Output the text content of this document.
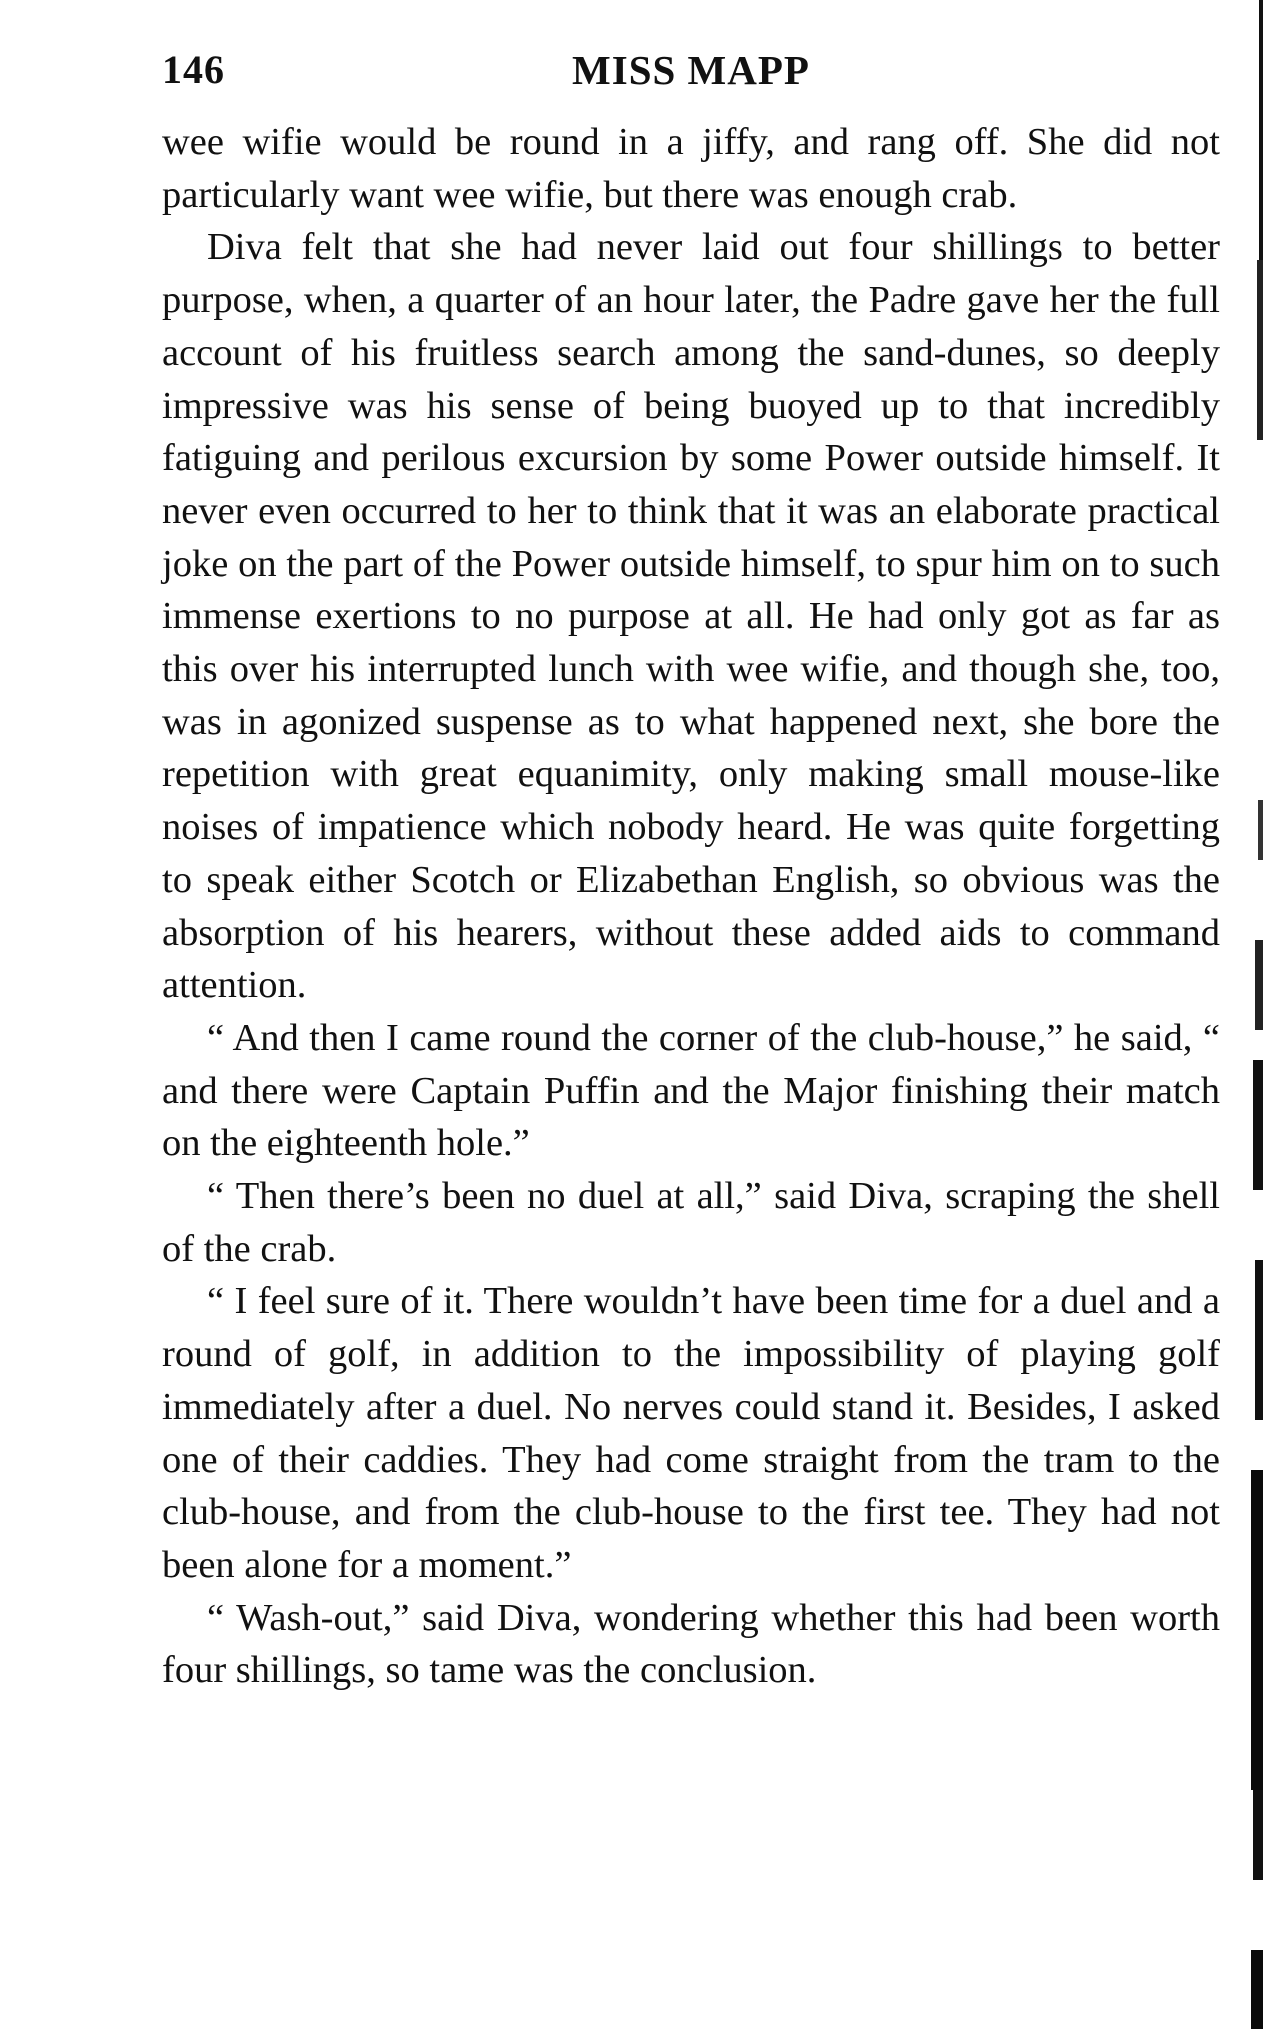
146	MISS MAPP

wee wifie would be round in a jiffy, and rang off. She did not particularly want wee wifie, but there was enough crab.

Diva felt that she had never laid out four shillings to better purpose, when, a quarter of an hour later, the Padre gave her the full account of his fruitless search among the sand-dunes, so deeply impressive was his sense of being buoyed up to that incredibly fatiguing and perilous excursion by some Power outside himself. It never even occurred to her to think that it was an elaborate practical joke on the part of the Power outside himself, to spur him on to such immense exertions to no purpose at all. He had only got as far as this over his interrupted lunch with wee wifie, and though she, too, was in agonized suspense as to what happened next, she bore the repetition with great equanimity, only making small mouse-like noises of impatience which nobody heard. He was quite forgetting to speak either Scotch or Elizabethan English, so obvious was the absorption of his hearers, without these added aids to command attention.

“ And then I came round the corner of the club-house,” he said, “ and there were Captain Puffin and the Major finishing their match on the eighteenth hole.”

“ Then there’s been no duel at all,” said Diva, scraping the shell of the crab.

“ I feel sure of it. There wouldn’t have been time for a duel and a round of golf, in addition to the impossibility of playing golf immediately after a duel. No nerves could stand it. Besides, I asked one of their caddies. They had come straight from the tram to the club-house, and from the club-house to the first tee. They had not been alone for a moment.”

“ Wash-out,” said Diva, wondering whether this had been worth four shillings, so tame was the conclusion.
